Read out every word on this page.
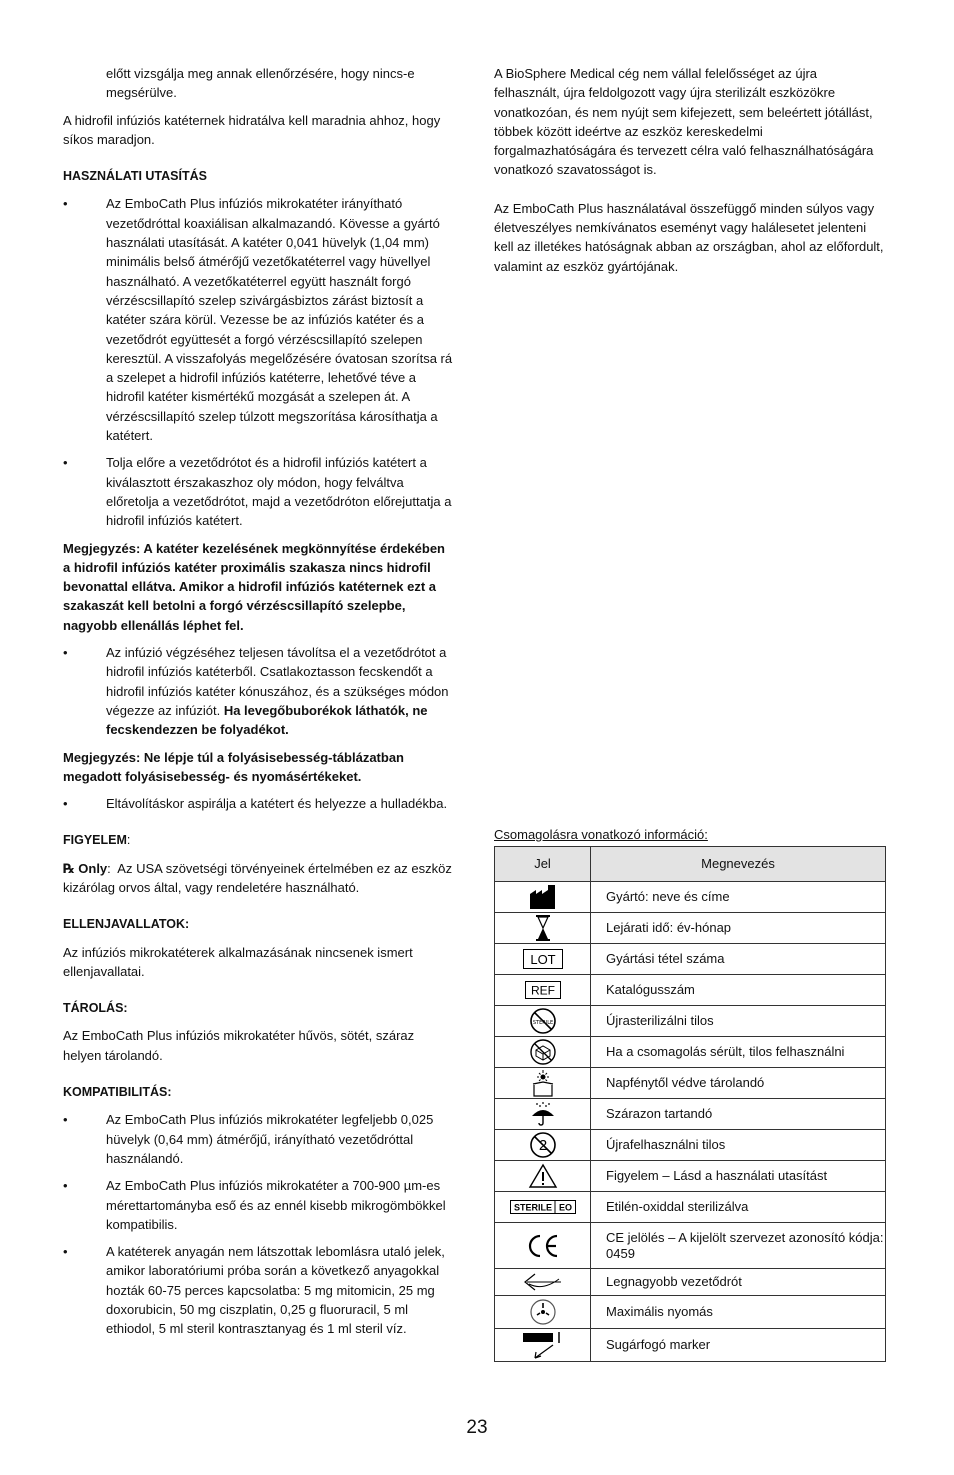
előtt vizsgálja meg annak ellenőrzésére, hogy nincs-e megsérülve.

A hidrofil infúziós katéternek hidratálva kell maradnia ahhoz, hogy síkos maradjon.

HASZNÁLATI UTASÍTÁS
•	Az EmboCath Plus infúziós mikrokatéter irányítható vezetődróttal koaxiálisan alkalmazandó. Kövesse a gyártó használati utasítását. A katéter 0,041 hüvelyk (1,04 mm) minimális belső átmérőjű vezetőkatéterrel vagy hüvellyel használható. A vezetőkatéterrel együtt használt forgó vérzéscsillapító szelep szivárgásbiztos zárást biztosít a katéter szára körül. Vezesse be az infúziós katéter és a vezetődrót együttesét a forgó vérzéscsillapító szelepen keresztül. A visszafolyás megelőzésére óvatosan szorítsa rá a szelepet a hidrofil infúziós katéterre, lehetővé téve a hidrofil katéter kismértékű mozgását a szelepen át. A vérzéscsillapító szelep túlzott megszorítása károsíthatja a katétert.
•	Tolja előre a vezetődrótot és a hidrofil infúziós katétert a kiválasztott érszakaszhoz oly módon, hogy felváltva előretolja a vezetődrótot, majd a vezetődróton előrejuttatja a hidrofil infúziós katétert.
Megjegyzés: A katéter kezelésének megkönnyítése érdekében a hidrofil infúziós katéter proximális szakasza nincs hidrofil bevonattal ellátva. Amikor a hidrofil infúziós katéternek ezt a szakaszát kell betolni a forgó vérzéscsillapító szelepbe, nagyobb ellenállás léphet fel.
•	Az infúzió végzéséhez teljesen távolítsa el a vezetődrótot a hidrofil infúziós katéterből. Csatlakoztasson fecskendőt a hidrofil infúziós katéter kónuszához, és a szükséges módon végezze az infúziót. Ha levegőbuborékok láthatók, ne fecskendezzen be folyadékot.
Megjegyzés: Ne lépje túl a folyásisebesség-táblázatban megadott folyásisebesség- és nyomásértékeket.
•	Eltávolításkor aspirálja a katétert és helyezze a hulladékba.
FIGYELEM:

℞ Only:  Az USA szövetségi törvényeinek értelmében ez az eszköz kizárólag orvos által, vagy rendeletére használható.

ELLENJAVALLATOK:

Az infúziós mikrokatéterek alkalmazásának nincsenek ismert ellenjavallatai.

TÁROLÁS:

Az EmboCath Plus infúziós mikrokatéter hűvös, sötét, száraz helyen tárolandó.

KOMPATIBILITÁS:
•	Az EmboCath Plus infúziós mikrokatéter legfeljebb 0,025 hüvelyk (0,64 mm) átmérőjű, irányítható vezetődróttal használandó.
•	Az EmboCath Plus infúziós mikrokatéter a 700-900 µm-es mérettartományba eső és az ennél kisebb mikrogömbökkel kompatibilis.
•	A katéterek anyagán nem látszottak lebomlásra utaló jelek, amikor laboratóriumi próba során a következő anyagokkal hozták 60-75 perces kapcsolatba: 5 mg mitomicin, 25 mg doxorubicin, 50 mg ciszplatin, 0,25 g fluoruracil, 5 ml ethiodol, 5 ml steril kontrasztanyag és 1 ml steril víz.

A BioSphere Medical cég nem vállal felelősséget az újra felhasznált, újra feldolgozott vagy újra sterilizált eszközökre vonatkozóan, és nem nyújt sem kifejezett, sem beleértett jótállást, többek között ideértve az eszköz kereskedelmi forgalmazhatóságára és tervezett célra való felhasználhatóságára vonatkozó szavatosságot is.

Az EmboCath Plus használatával összefüggő minden súlyos vagy életveszélyes nemkívánatos eseményt vagy halálesetet jelenteni kell az illetékes hatóságnak abban az országban, ahol az előfordult, valamint az eszköz gyártójának.

Csomagolásra vonatkozó információ:
Jel	Megnevezés

	Gyártó: neve és címe

	Lejárati idő: év-hónap

LOT	Gyártási tétel száma

REF	Katalógusszám

STERILE	Újrasterilizálni tilos

	Ha a csomagolás sérült, tilos felhasználni

	Napfénytől védve tárolandó

	Szárazon tartandó

2	Újrafelhasználni tilos

	Figyelem – Lásd a használati utasítást

STERILE EO	Etilén-oxiddal sterilizálva

	CE jelölés – A kijelölt szervezet azonosító kódja: 0459

	Legnagyobb vezetődrót

	Maximális nyomás

	Sugárfogó marker
23
